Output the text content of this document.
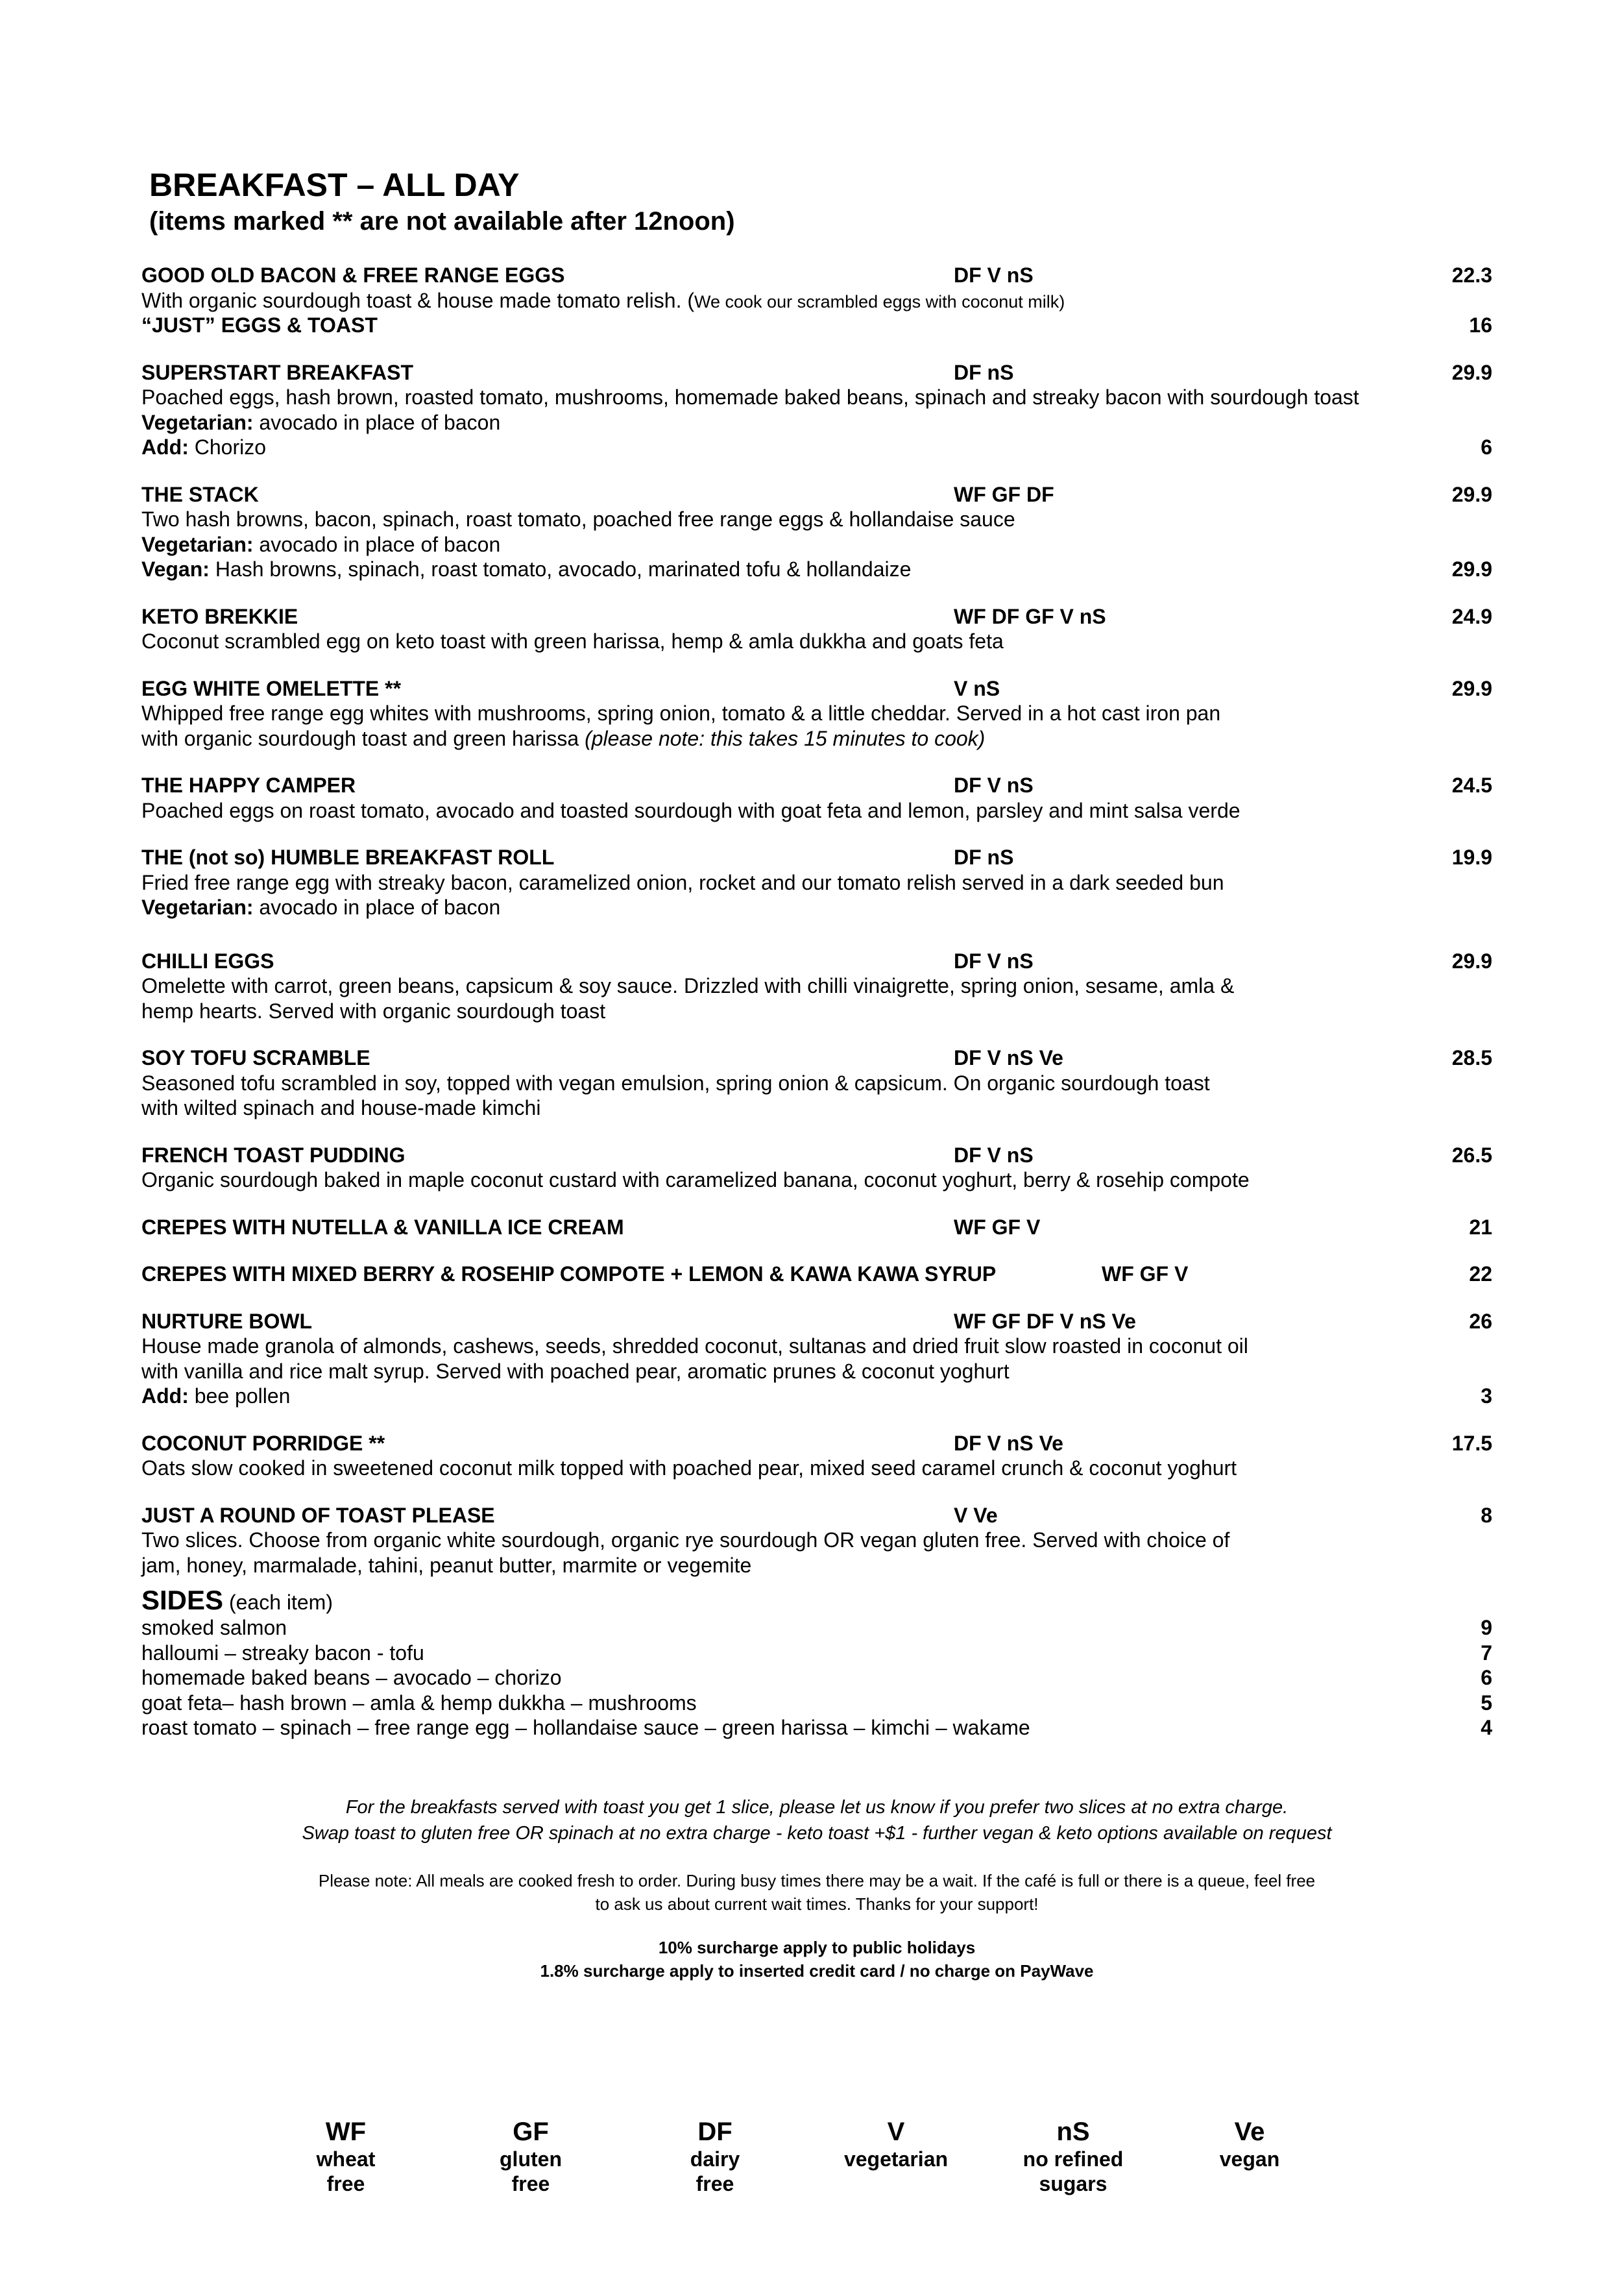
BREAKFAST – ALL DAY
(items marked ** are not available after 12noon)
GOOD OLD BACON & FREE RANGE EGGS	DF V nS	22.3
With organic sourdough toast & house made tomato relish. (We cook our scrambled eggs with coconut milk)
“JUST” EGGS & TOAST	16
SUPERSTART BREAKFAST	DF nS	29.9
Poached eggs, hash brown, roasted tomato, mushrooms, homemade baked beans, spinach and streaky bacon with sourdough toast
Vegetarian: avocado in place of bacon
Add: Chorizo	6
THE STACK	WF GF DF	29.9
Two hash browns, bacon, spinach, roast tomato, poached free range eggs & hollandaise sauce
Vegetarian: avocado in place of bacon
Vegan: Hash browns, spinach, roast tomato, avocado, marinated tofu & hollandaize	29.9
KETO BREKKIE	WF DF GF V nS	24.9
Coconut scrambled egg on keto toast with green harissa, hemp & amla dukkha and goats feta
EGG WHITE OMELETTE **	V nS	29.9
Whipped free range egg whites with mushrooms, spring onion, tomato & a little cheddar. Served in a hot cast iron pan
with organic sourdough toast and green harissa (please note: this takes 15 minutes to cook)
THE HAPPY CAMPER	DF V nS	24.5
Poached eggs on roast tomato, avocado and toasted sourdough with goat feta and lemon, parsley and mint salsa verde
THE (not so) HUMBLE BREAKFAST ROLL	DF nS	19.9
Fried free range egg with streaky bacon, caramelized onion, rocket and our tomato relish served in a dark seeded bun
Vegetarian: avocado in place of bacon
CHILLI EGGS	DF V nS	29.9
Omelette with carrot, green beans, capsicum & soy sauce. Drizzled with chilli vinaigrette, spring onion, sesame, amla &
hemp hearts. Served with organic sourdough toast
SOY TOFU SCRAMBLE	DF V nS Ve	28.5
Seasoned tofu scrambled in soy, topped with vegan emulsion, spring onion & capsicum. On organic sourdough toast
with wilted spinach and house-made kimchi
FRENCH TOAST PUDDING	DF V nS	26.5
Organic sourdough baked in maple coconut custard with caramelized banana, coconut yoghurt, berry & rosehip compote
CREPES WITH NUTELLA & VANILLA ICE CREAM	WF GF V	21
CREPES WITH MIXED BERRY & ROSEHIP COMPOTE + LEMON & KAWA KAWA SYRUP	WF GF V	22
NURTURE BOWL	WF GF DF V nS Ve	26
House made granola of almonds, cashews, seeds, shredded coconut, sultanas and dried fruit slow roasted in coconut oil
with vanilla and rice malt syrup. Served with poached pear, aromatic prunes & coconut yoghurt
Add: bee pollen	3
COCONUT PORRIDGE **	DF V nS Ve	17.5
Oats slow cooked in sweetened coconut milk topped with poached pear, mixed seed caramel crunch & coconut yoghurt
JUST A ROUND OF TOAST PLEASE	V Ve	8
Two slices. Choose from organic white sourdough, organic rye sourdough OR vegan gluten free. Served with choice of
jam, honey, marmalade, tahini, peanut butter, marmite or vegemite
SIDES (each item)
smoked salmon	9
halloumi – streaky bacon - tofu	7
homemade baked beans – avocado – chorizo	6
goat feta– hash brown – amla & hemp dukkha – mushrooms	5
roast tomato – spinach – free range egg – hollandaise sauce – green harissa – kimchi – wakame	4
For the breakfasts served with toast you get 1 slice, please let us know if you prefer two slices at no extra charge.
Swap toast to gluten free OR spinach at no extra charge - keto toast +$1 - further vegan & keto options available on request
Please note: All meals are cooked fresh to order. During busy times there may be a wait. If the café is full or there is a queue, feel free
to ask us about current wait times. Thanks for your support!
10% surcharge apply to public holidays
1.8% surcharge apply to inserted credit card / no charge on PayWave
WF
wheat
free
GF
gluten
free
DF
dairy
free
V
vegetarian
nS
no refined
sugars
Ve
vegan
